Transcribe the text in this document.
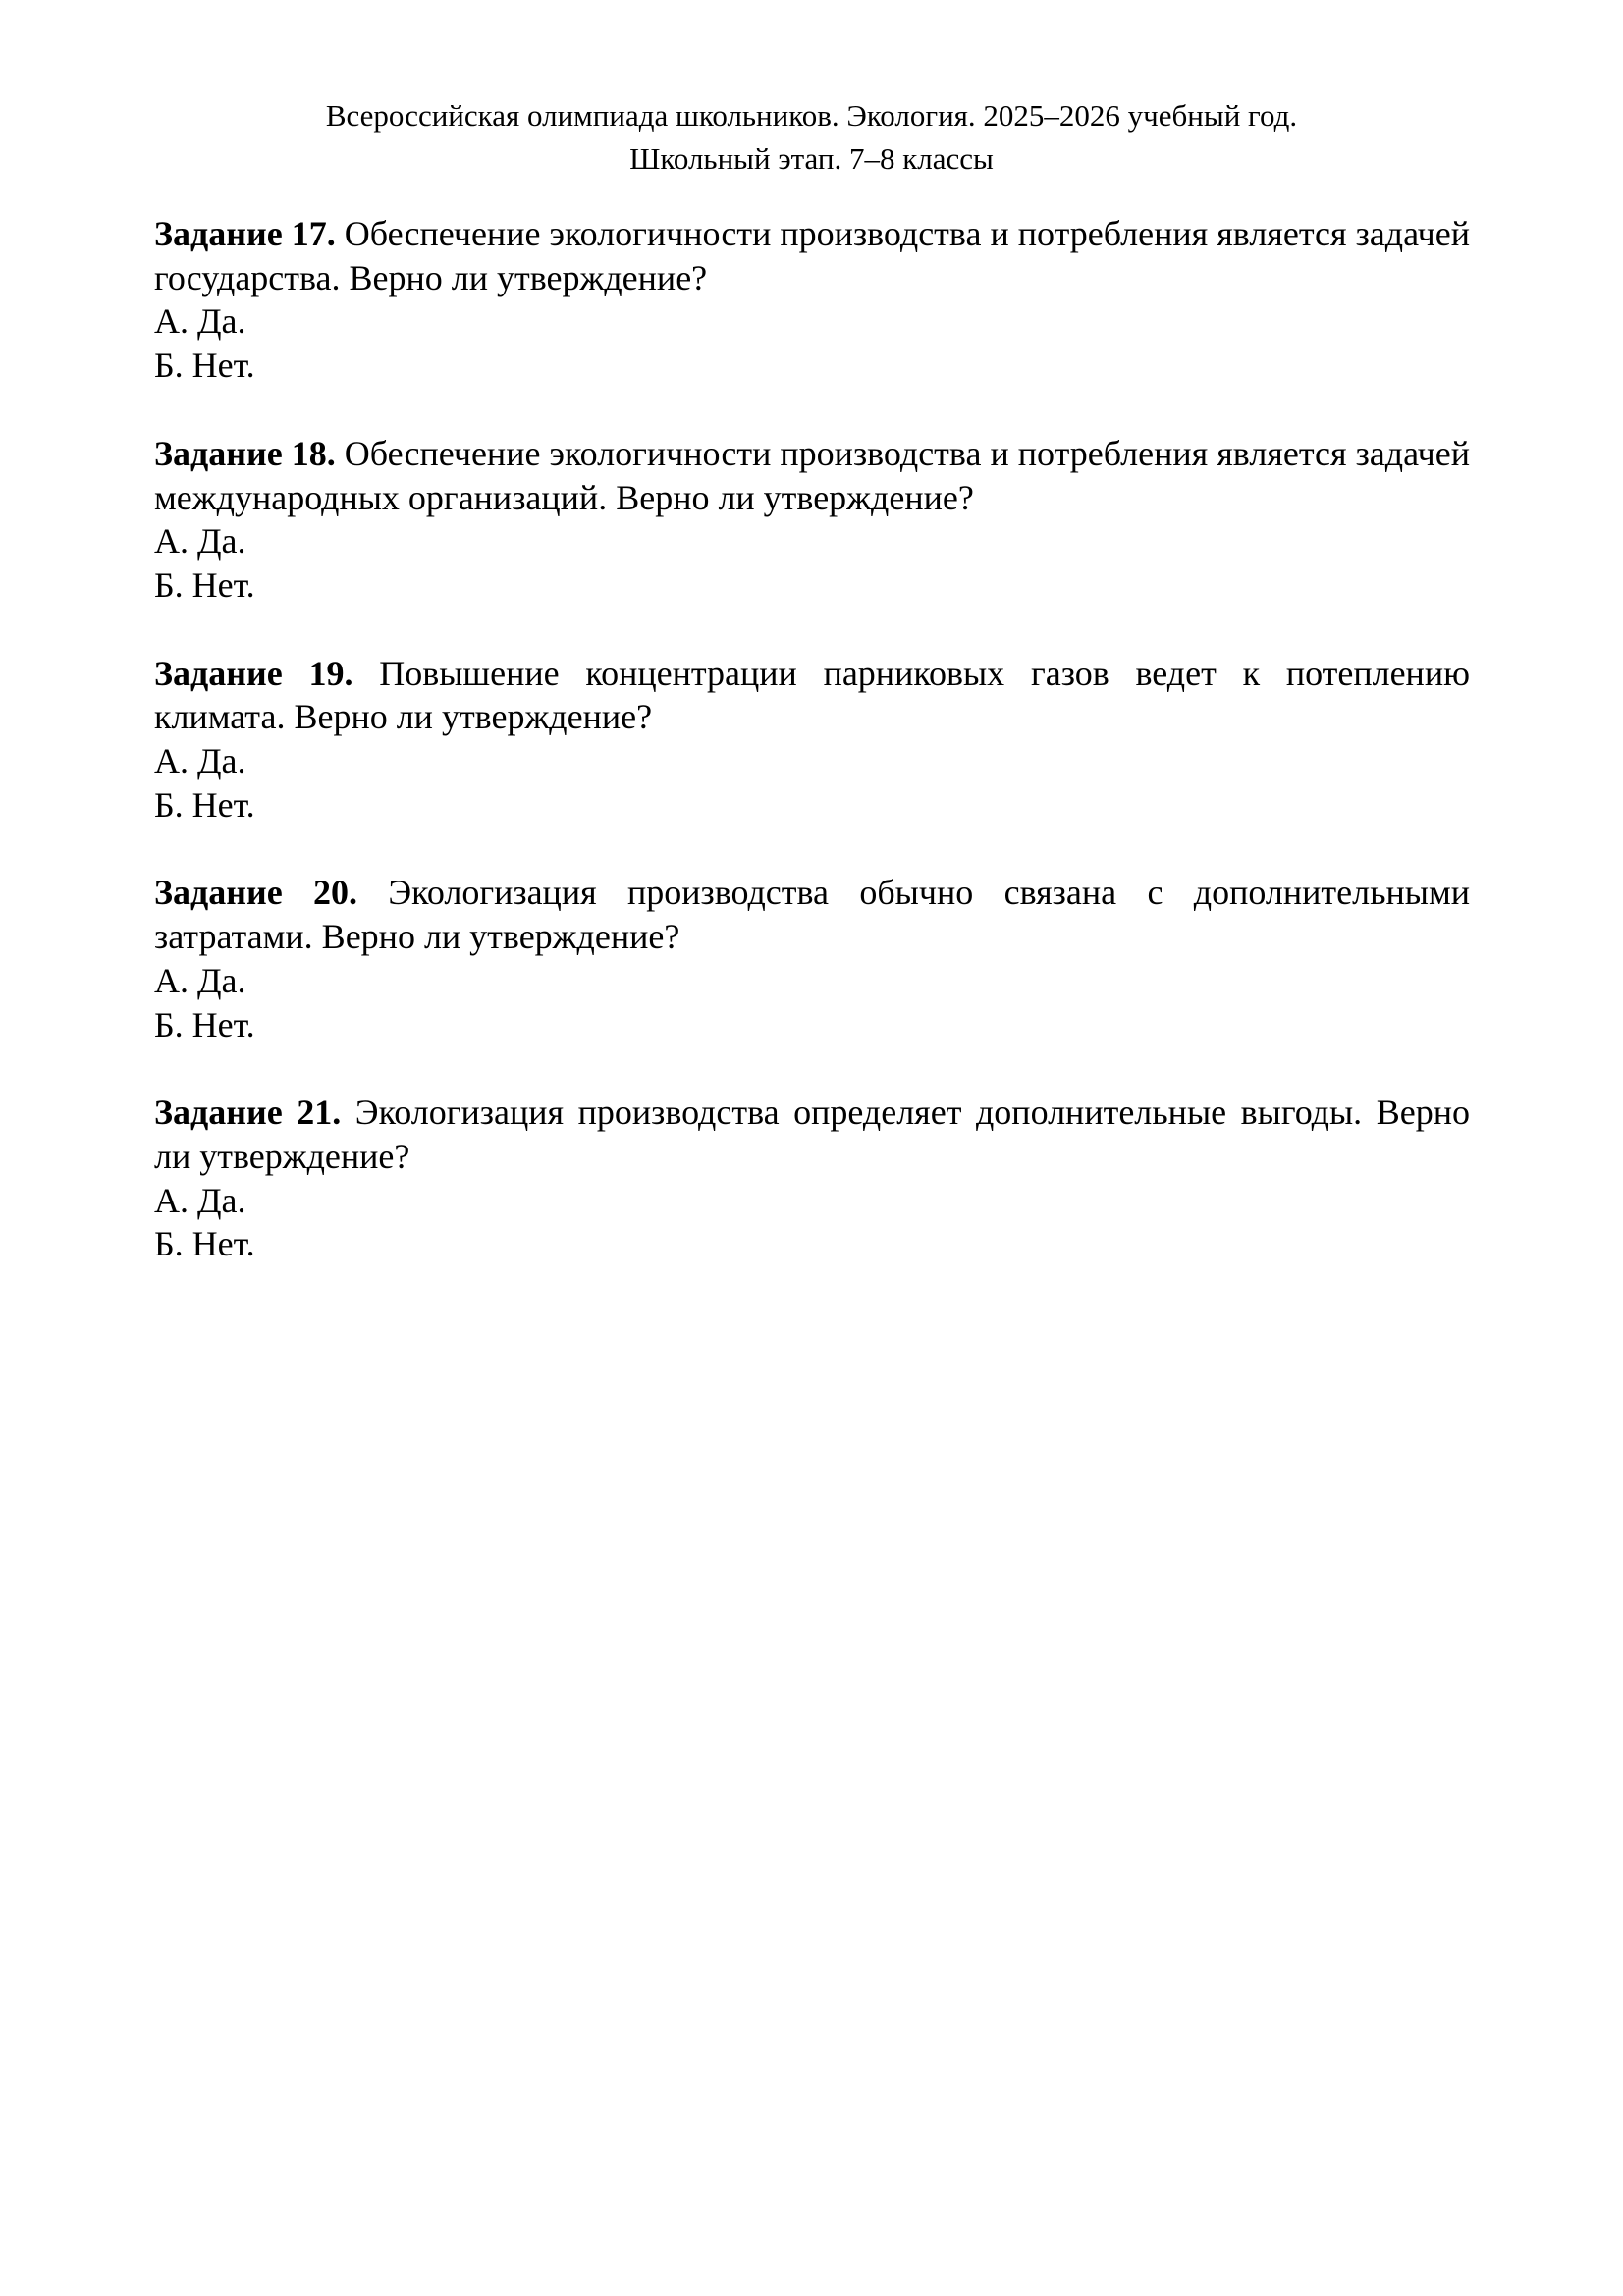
Всероссийская олимпиада школьников. Экология. 2025–2026 учебный год.
Школьный этап. 7–8 классы
Задание 17. Обеспечение экологичности производства и потребления является задачей государства. Верно ли утверждение?
А. Да.
Б. Нет.
Задание 18. Обеспечение экологичности производства и потребления является задачей международных организаций. Верно ли утверждение?
А. Да.
Б. Нет.
Задание 19. Повышение концентрации парниковых газов ведет к потеплению климата. Верно ли утверждение?
А. Да.
Б. Нет.
Задание 20. Экологизация производства обычно связана с дополнительными затратами. Верно ли утверждение?
А. Да.
Б. Нет.
Задание 21. Экологизация производства определяет дополнительные выгоды. Верно ли утверждение?
А. Да.
Б. Нет.
